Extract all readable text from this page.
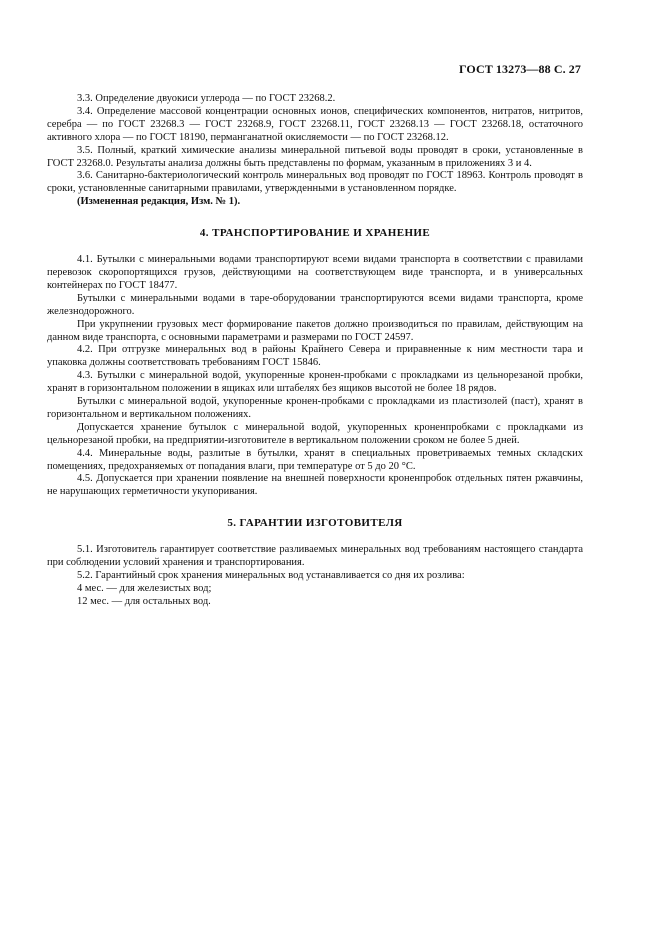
ГОСТ 13273—88 С. 27

3.3. Определение двуокиси углерода — по ГОСТ 23268.2.

3.4. Определение массовой концентрации основных ионов, специфических компонентов, нитратов, нитритов, серебра — по ГОСТ 23268.3 — ГОСТ 23268.9, ГОСТ 23268.11, ГОСТ 23268.13 — ГОСТ 23268.18, остаточного активного хлора — по ГОСТ 18190, перманганатной окисляемости — по ГОСТ 23268.12.

3.5. Полный, краткий химические анализы минеральной питьевой воды проводят в сроки, установленные в ГОСТ 23268.0. Результаты анализа должны быть представлены по формам, указанным в приложениях 3 и 4.

3.6. Санитарно-бактериологический контроль минеральных вод проводят по ГОСТ 18963. Контроль проводят в сроки, установленные санитарными правилами, утвержденными в установленном порядке.

(Измененная редакция, Изм. № 1).

4. ТРАНСПОРТИРОВАНИЕ И ХРАНЕНИЕ

4.1. Бутылки с минеральными водами транспортируют всеми видами транспорта в соответствии с правилами перевозок скоропортящихся грузов, действующими на соответствующем виде транспорта, и в универсальных контейнерах по ГОСТ 18477.

Бутылки с минеральными водами в таре-оборудовании транспортируются всеми видами транспорта, кроме железнодорожного.

При укрупнении грузовых мест формирование пакетов должно производиться по правилам, действующим на данном виде транспорта, с основными параметрами и размерами по ГОСТ 24597.

4.2. При отгрузке минеральных вод в районы Крайнего Севера и приравненные к ним местности тара и упаковка должны соответствовать требованиям ГОСТ 15846.

4.3. Бутылки с минеральной водой, укупоренные кронен-пробками с прокладками из цельнорезаной пробки, хранят в горизонтальном положении в ящиках или штабелях без ящиков высотой не более 18 рядов.

Бутылки с минеральной водой, укупоренные кронен-пробками с прокладками из пластизолей (паст), хранят в горизонтальном и вертикальном положениях.

Допускается хранение бутылок с минеральной водой, укупоренных кроненпробками с прокладками из цельнорезаной пробки, на предприятии-изготовителе в вертикальном положении сроком не более 5 дней.

4.4. Минеральные воды, разлитые в бутылки, хранят в специальных проветриваемых темных складских помещениях, предохраняемых от попадания влаги, при температуре от 5 до 20 °С.

4.5. Допускается при хранении появление на внешней поверхности кроненпробок отдельных пятен ржавчины, не нарушающих герметичности укупоривания.

5. ГАРАНТИИ ИЗГОТОВИТЕЛЯ

5.1. Изготовитель гарантирует соответствие разливаемых минеральных вод требованиям настоящего стандарта при соблюдении условий хранения и транспортирования.

5.2. Гарантийный срок хранения минеральных вод устанавливается со дня их розлива:

4 мес. — для железистых вод;

12 мес. — для остальных вод.
